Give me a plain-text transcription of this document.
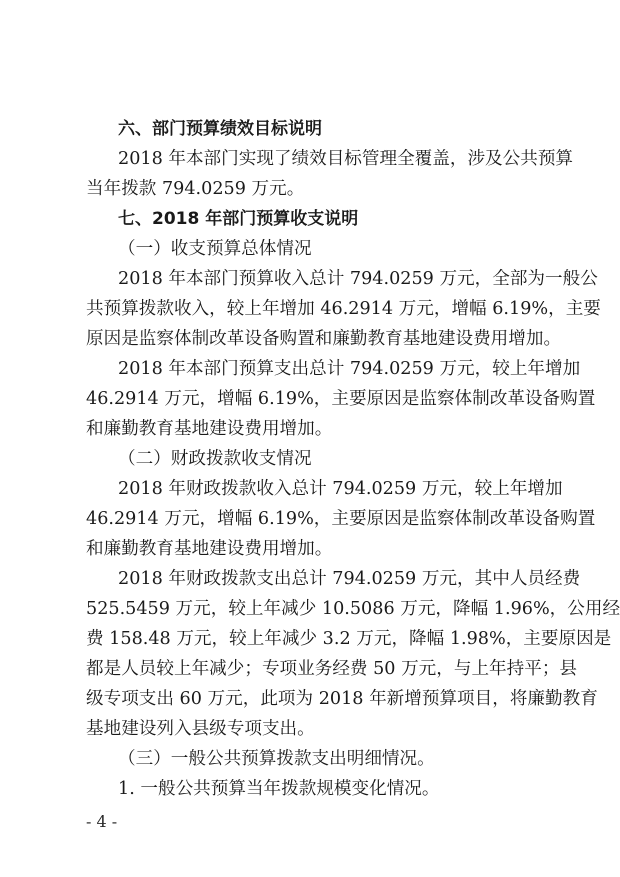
六、部门预算绩效目标说明
2018 年本部门实现了绩效目标管理全覆盖，涉及公共预算
当年拨款 794.0259 万元。
七、2018 年部门预算收支说明
（一）收支预算总体情况
2018 年本部门预算收入总计 794.0259 万元，全部为一般公
共预算拨款收入，较上年增加 46.2914 万元，增幅 6.19%，主要
原因是监察体制改革设备购置和廉勤教育基地建设费用增加。
2018 年本部门预算支出总计 794.0259 万元，较上年增加
46.2914 万元，增幅 6.19%，主要原因是监察体制改革设备购置
和廉勤教育基地建设费用增加。
（二）财政拨款收支情况
2018 年财政拨款收入总计 794.0259 万元，较上年增加
46.2914 万元，增幅 6.19%，主要原因是监察体制改革设备购置
和廉勤教育基地建设费用增加。
2018 年财政拨款支出总计 794.0259 万元，其中人员经费
525.5459 万元，较上年减少 10.5086 万元，降幅 1.96%，公用经
费 158.48 万元，较上年减少 3.2 万元，降幅 1.98%，主要原因是
都是人员较上年减少；专项业务经费 50 万元，与上年持平；县
级专项支出 60 万元，此项为 2018 年新增预算项目，将廉勤教育
基地建设列入县级专项支出。
（三）一般公共预算拨款支出明细情况。
- 4 -
1. 一般公共预算当年拨款规模变化情况。
